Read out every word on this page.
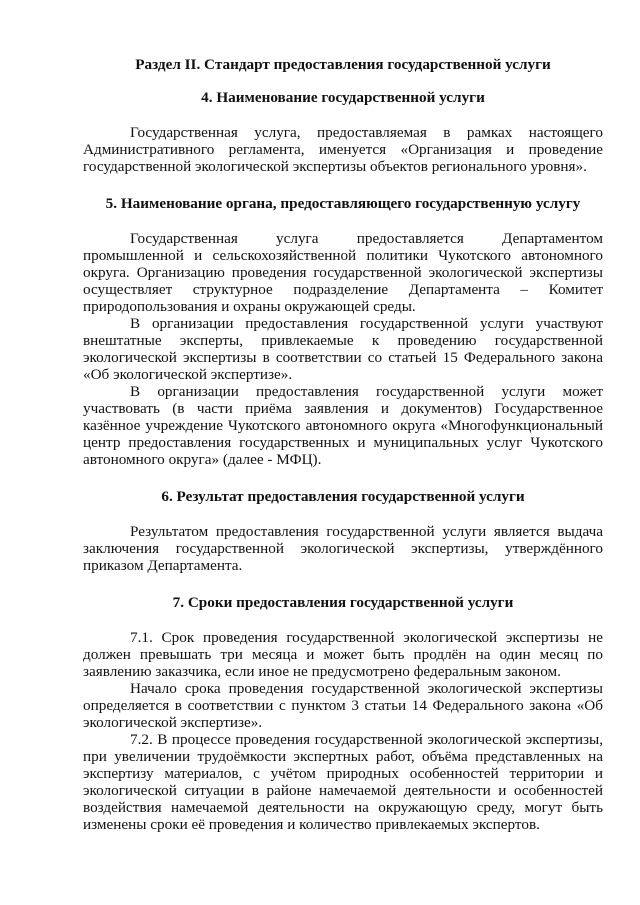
Раздел II. Стандарт предоставления государственной услуги
4. Наименование государственной услуги

Государственная услуга, предоставляемая в рамках настоящего Административного регламента, именуется «Организация и проведение государственной экологической экспертизы объектов регионального уровня».

5. Наименование органа, предоставляющего государственную услугу

Государственная услуга предоставляется Департаментом промышленной и сельскохозяйственной политики Чукотского автономного округа. Организацию проведения государственной экологической экспертизы осуществляет структурное подразделение Департамента – Комитет природопользования и охраны окружающей среды.

В организации предоставления государственной услуги участвуют внештатные эксперты, привлекаемые к проведению государственной экологической экспертизы в соответствии со статьей 15 Федерального закона «Об экологической экспертизе».

В организации предоставления государственной услуги может участвовать (в части приёма заявления и документов) Государственное казённое учреждение Чукотского автономного округа «Многофункциональный центр предоставления государственных и муниципальных услуг Чукотского автономного округа» (далее - МФЦ).

6. Результат предоставления государственной услуги

Результатом предоставления государственной услуги является выдача заключения государственной экологической экспертизы, утверждённого приказом Департамента.

7. Сроки предоставления государственной услуги

7.1. Срок проведения государственной экологической экспертизы не должен превышать три месяца и может быть продлён на один месяц по заявлению заказчика, если иное не предусмотрено федеральным законом.

Начало срока проведения государственной экологической экспертизы определяется в соответствии с пунктом 3 статьи 14 Федерального закона «Об экологической экспертизе».

7.2. В процессе проведения государственной экологической экспертизы, при увеличении трудоёмкости экспертных работ, объёма представленных на экспертизу материалов, с учётом природных особенностей территории и экологической ситуации в районе намечаемой деятельности и особенностей воздействия намечаемой деятельности на окружающую среду, могут быть изменены сроки её проведения и количество привлекаемых экспертов.
